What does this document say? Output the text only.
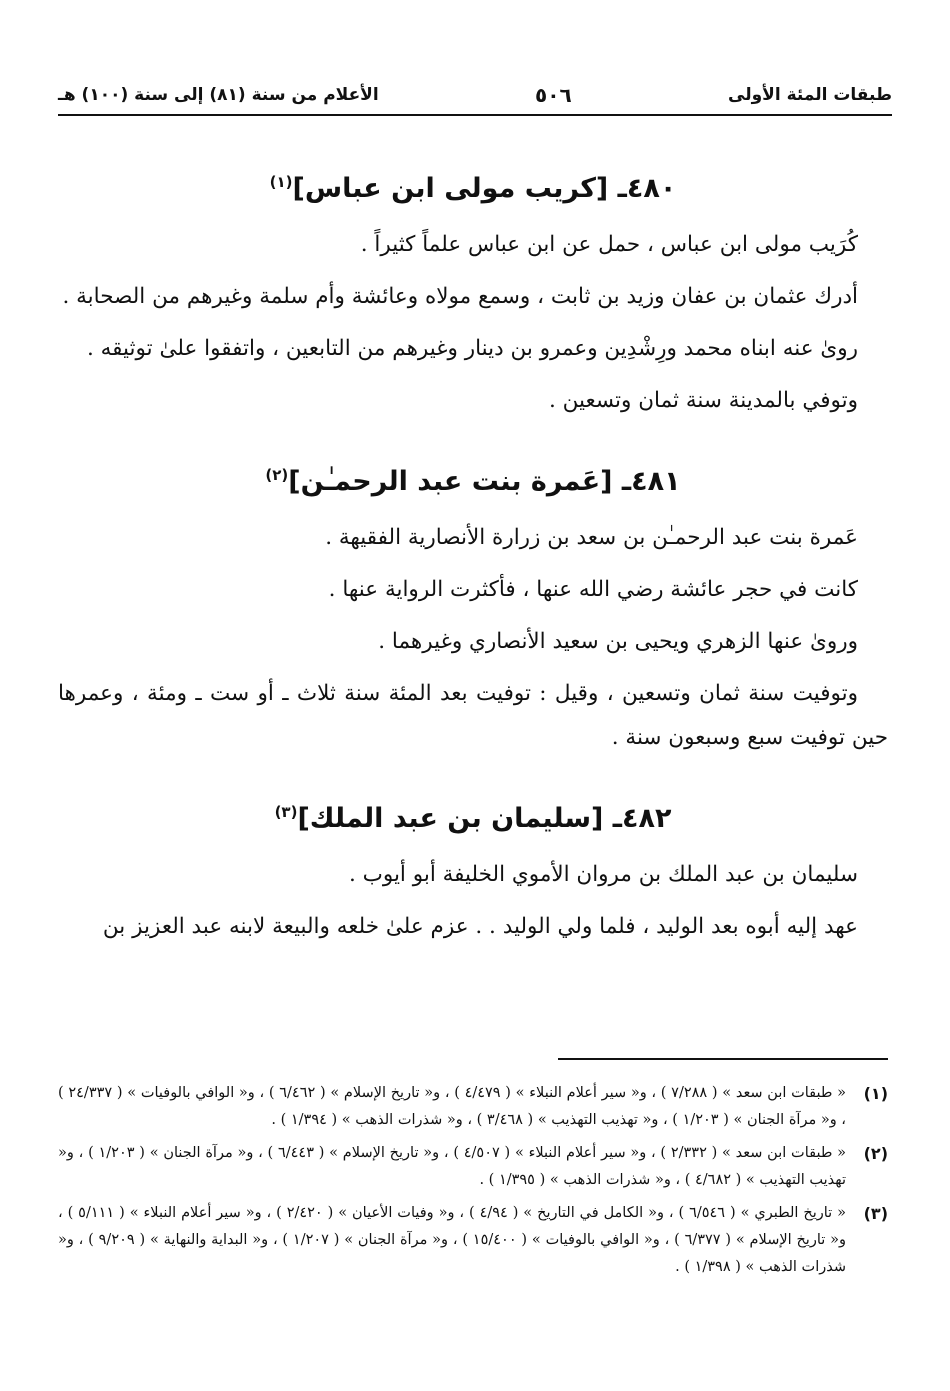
طبقات المئة الأولى
٥٠٦
الأعلام من سنة (٨١) إلى سنة (١٠٠) هـ
٤٨٠ـ [كريب مولى ابن عباس]$^{(١)}$

كُرَيب مولى ابن عباس ، حمل عن ابن عباس علماً كثيراً .

أدرك عثمان بن عفان وزيد بن ثابت ، وسمع مولاه وعائشة وأم سلمة وغيرهم من الصحابة .

روىٰ عنه ابناه محمد ورِشْدِين وعمرو بن دينار وغيرهم من التابعين ، واتفقوا علىٰ توثيقه .

وتوفي بالمدينة سنة ثمان وتسعين .

٤٨١ـ [عَمرة بنت عبد الرحمـٰن]$^{(٢)}$

عَمرة بنت عبد الرحمـٰن بن سعد بن زرارة الأنصارية الفقيهة .

كانت في حجر عائشة رضي الله عنها ، فأكثرت الرواية عنها .

وروىٰ عنها الزهري ويحيى بن سعيد الأنصاري وغيرهما .

وتوفيت سنة ثمان وتسعين ، وقيل : توفيت بعد المئة سنة ثلاث ـ أو ست ـ ومئة ، وعمرها حين توفيت سبع وسبعون سنة .

٤٨٢ـ [سليمان بن عبد الملك]$^{(٣)}$

سليمان بن عبد الملك بن مروان الأموي الخليفة أبو أيوب .

عهد إليه أبوه بعد الوليد ، فلما ولي الوليد . . عزم علىٰ خلعه والبيعة لابنه عبد العزيز بن

(١)
« طبقات ابن سعد » ( ٧/٢٨٨ ) ، و« سير أعلام النبلاء » ( ٤/٤٧٩ ) ، و« تاريخ الإسلام » ( ٦/٤٦٢ ) ، و« الوافي بالوفيات » ( ٢٤/٣٣٧ ) ، و« مرآة الجنان » ( ١/٢٠٣ ) ، و« تهذيب التهذيب » ( ٣/٤٦٨ ) ، و« شذرات الذهب » ( ١/٣٩٤ ) .
(٢)
« طبقات ابن سعد » ( ٢/٣٣٢ ) ، و« سير أعلام النبلاء » ( ٤/٥٠٧ ) ، و« تاريخ الإسلام » ( ٦/٤٤٣ ) ، و« مرآة الجنان » ( ١/٢٠٣ ) ، و« تهذيب التهذيب » ( ٤/٦٨٢ ) ، و« شذرات الذهب » ( ١/٣٩٥ ) .
(٣)
« تاريخ الطبري » ( ٦/٥٤٦ ) ، و« الكامل في التاريخ » ( ٤/٩٤ ) ، و« وفيات الأعيان » ( ٢/٤٢٠ ) ، و« سير أعلام النبلاء » ( ٥/١١١ ) ، و« تاريخ الإسلام » ( ٦/٣٧٧ ) ، و« الوافي بالوفيات » ( ١٥/٤٠٠ ) ، و« مرآة الجنان » ( ١/٢٠٧ ) ، و« البداية والنهاية » ( ٩/٢٠٩ ) ، و« شذرات الذهب » ( ١/٣٩٨ ) .
